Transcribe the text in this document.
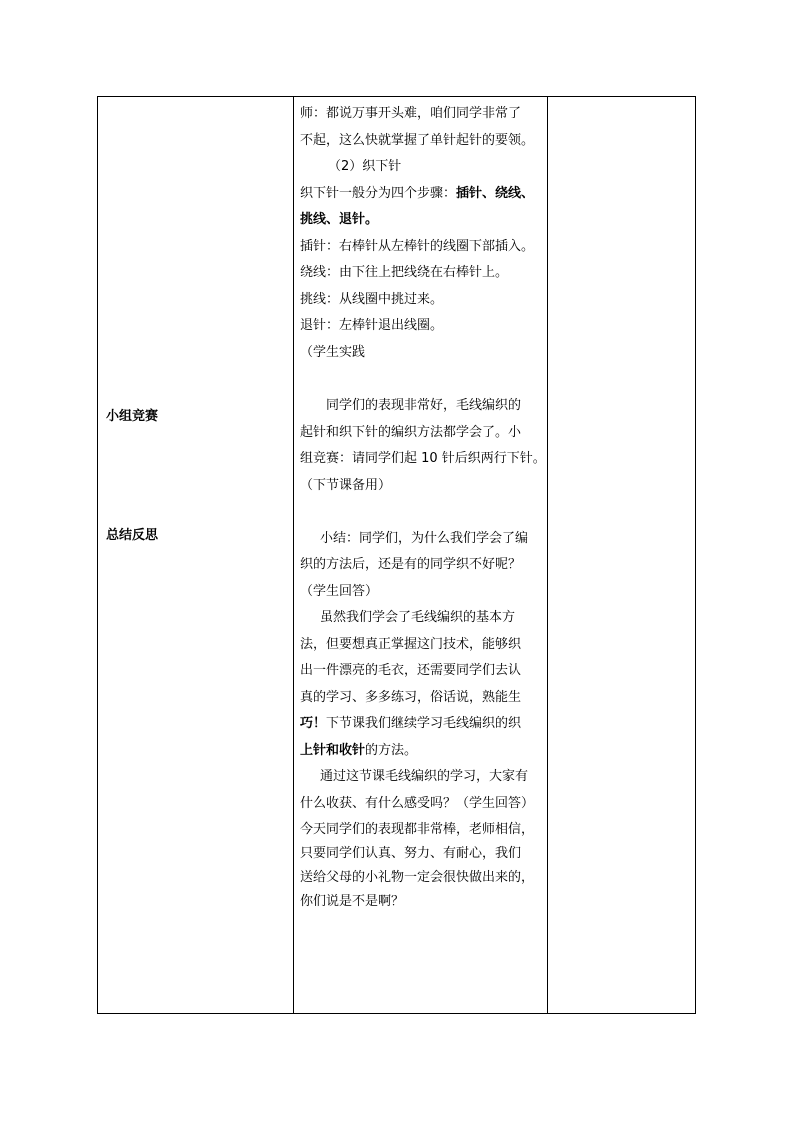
小组竞赛
总结反思
师：都说万事开头难，咱们同学非常了
不起，这么快就掌握了单针起针的要领。
（2）织下针
织下针一般分为四个步骤：插针、绕线、
挑线、退针。
插针：右棒针从左棒针的线圈下部插入。
绕线：由下往上把线绕在右棒针上。
挑线：从线圈中挑过来。
退针：左棒针退出线圈。
（学生实践
同学们的表现非常好，毛线编织的
起针和织下针的编织方法都学会了。小
组竞赛：请同学们起 10 针后织两行下针。
（下节课备用）
小结：同学们，为什么我们学会了编
织的方法后，还是有的同学织不好呢？
（学生回答）
虽然我们学会了毛线编织的基本方
法，但要想真正掌握这门技术，能够织
出一件漂亮的毛衣，还需要同学们去认
真的学习、多多练习，俗话说，熟能生
巧！下节课我们继续学习毛线编织的织
上针和收针的方法。
通过这节课毛线编织的学习，大家有
什么收获、有什么感受吗？（学生回答）
今天同学们的表现都非常棒，老师相信，
只要同学们认真、努力、有耐心，我们
送给父母的小礼物一定会很快做出来的，
你们说是不是啊？
